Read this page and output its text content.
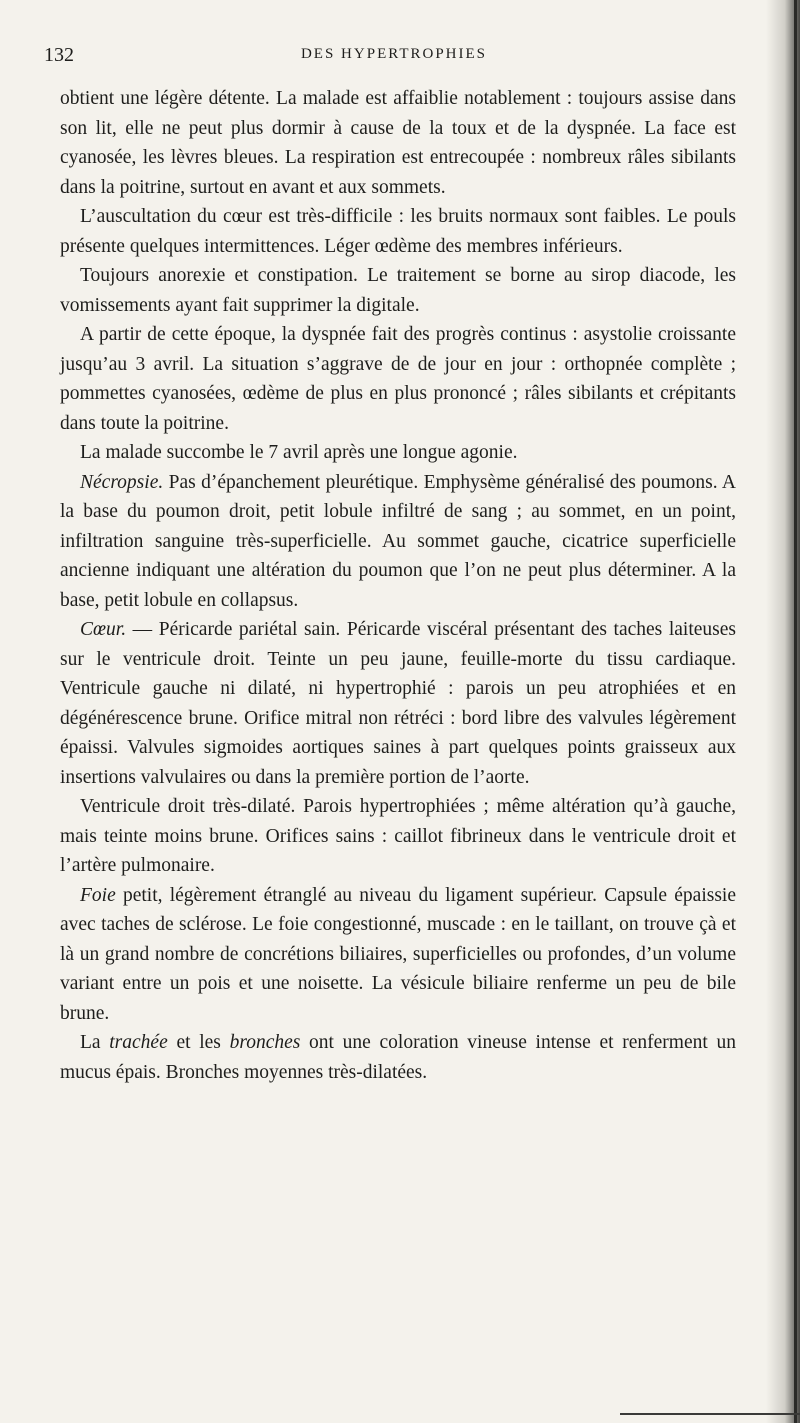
132	DES HYPERTROPHIES

obtient une légère détente. La malade est affaiblie notablement : toujours assise dans son lit, elle ne peut plus dormir à cause de la toux et de la dyspnée. La face est cyanosée, les lèvres bleues. La respiration est entrecoupée : nombreux râles sibilants dans la poitrine, surtout en avant et aux sommets.

L’auscultation du cœur est très-difficile : les bruits normaux sont faibles. Le pouls présente quelques intermittences. Léger œdème des membres inférieurs.

Toujours anorexie et constipation. Le traitement se borne au sirop diacode, les vomissements ayant fait supprimer la digitale.

A partir de cette époque, la dyspnée fait des progrès continus : asystolie croissante jusqu’au 3 avril. La situation s’aggrave de de jour en jour : orthopnée complète ; pommettes cyanosées, œdème de plus en plus prononcé ; râles sibilants et crépitants dans toute la poitrine.

La malade succombe le 7 avril après une longue agonie.

Nécropsie. Pas d’épanchement pleurétique. Emphysème généralisé des poumons. A la base du poumon droit, petit lobule infiltré de sang ; au sommet, en un point, infiltration sanguine très-superficielle. Au sommet gauche, cicatrice superficielle ancienne indiquant une altération du poumon que l’on ne peut plus déterminer. A la base, petit lobule en collapsus.

Cœur. — Péricarde pariétal sain. Péricarde viscéral présentant des taches laiteuses sur le ventricule droit. Teinte un peu jaune, feuille-morte du tissu cardiaque. Ventricule gauche ni dilaté, ni hypertrophié : parois un peu atrophiées et en dégénérescence brune. Orifice mitral non rétréci : bord libre des valvules légèrement épaissi. Valvules sigmoides aortiques saines à part quelques points graisseux aux insertions valvulaires ou dans la première portion de l’aorte.

Ventricule droit très-dilaté. Parois hypertrophiées ; même altération qu’à gauche, mais teinte moins brune. Orifices sains : caillot fibrineux dans le ventricule droit et l’artère pulmonaire.

Foie petit, légèrement étranglé au niveau du ligament supérieur. Capsule épaissie avec taches de sclérose. Le foie congestionné, muscade : en le taillant, on trouve çà et là un grand nombre de concrétions biliaires, superficielles ou profondes, d’un volume variant entre un pois et une noisette. La vésicule biliaire renferme un peu de bile brune.

La trachée et les bronches ont une coloration vineuse intense et renferment un mucus épais. Bronches moyennes très-dilatées.
